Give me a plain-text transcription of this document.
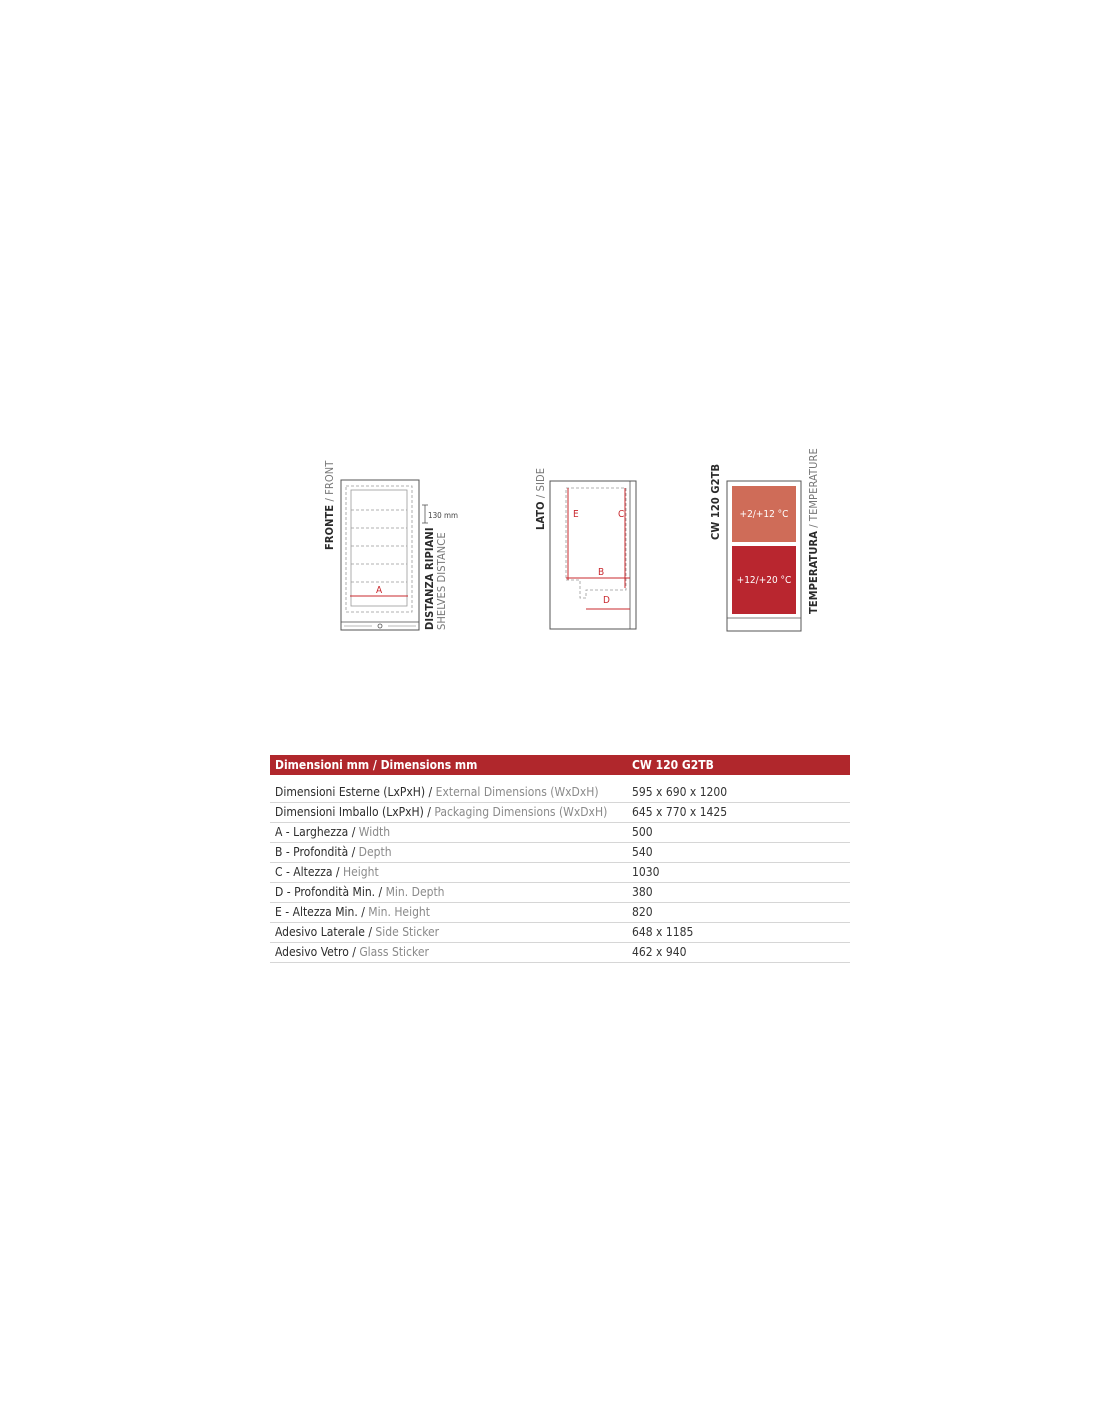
FRONTE / FRONT
A
130 mm
DISTANZA RIPIANI SHELVES DISTANCE
LATO / SIDE
E	C
B
D
CW 120 G2TB +2/+12 °C
+12/+20 °C TEMPERATURA / TEMPERATURE
Dimensioni mm / Dimensions mm	CW 120 G2TB
Dimensioni Esterne (LxPxH) / External Dimensions (WxDxH)	595 x 690 x 1200
Dimensioni Imballo (LxPxH) / Packaging Dimensions (WxDxH) 645 x 770 x 1425
A - Larghezza / Width	500
B - Profondità / Depth	540
C - Altezza / Height	1030
D - Profondità Min. / Min. Depth	380
E - Altezza Min. / Min. Height	820
Adesivo Laterale / Side Sticker	648 x 1185
Adesivo Vetro / Glass Sticker	462 x 940
